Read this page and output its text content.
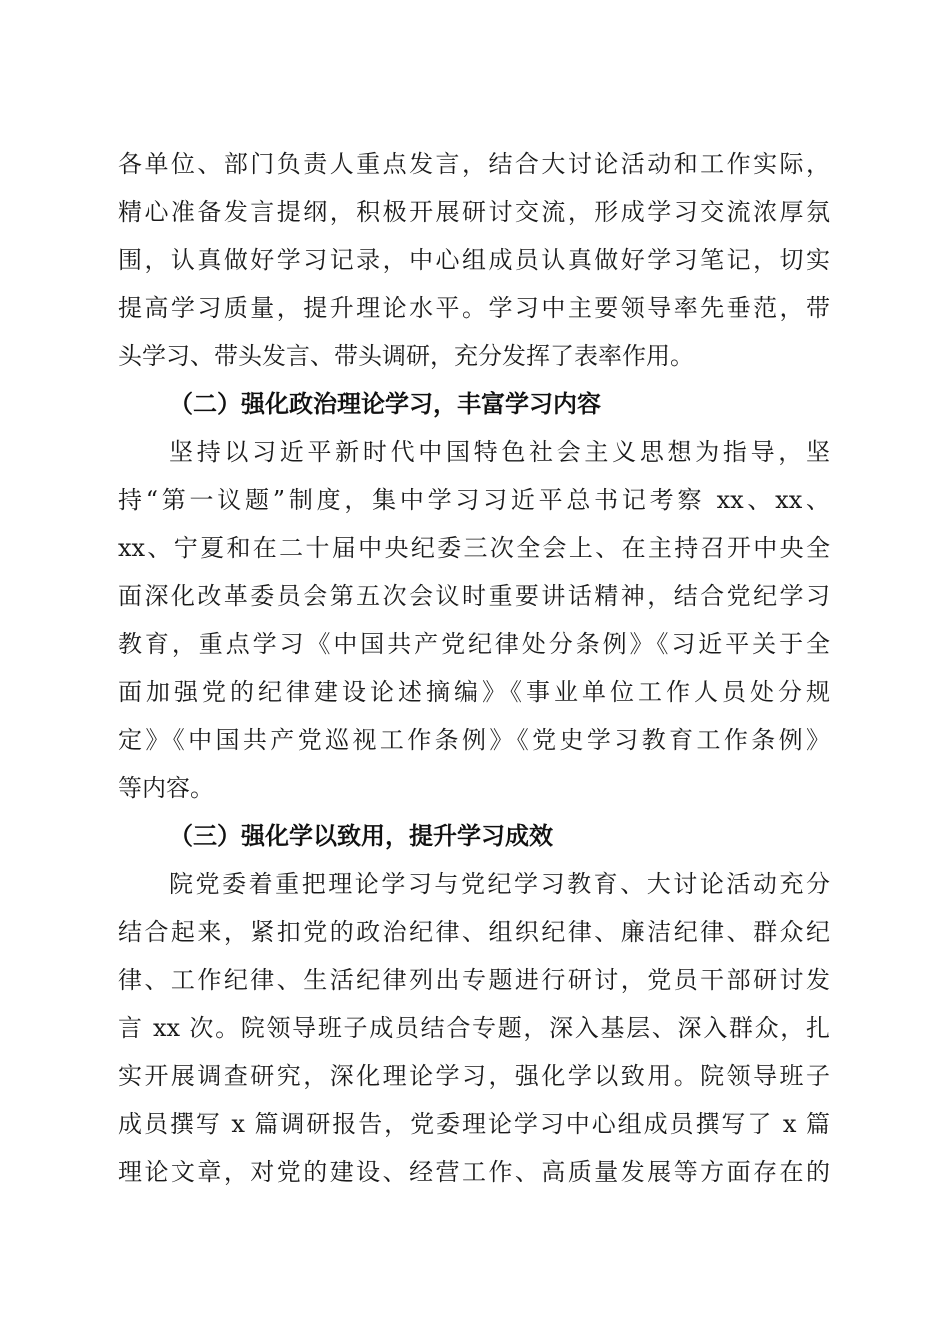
各单位、部门负责人重点发言，结合大讨论活动和工作实际，
精心准备发言提纲，积极开展研讨交流，形成学习交流浓厚氛
围，认真做好学习记录，中心组成员认真做好学习笔记，切实
提高学习质量，提升理论水平。学习中主要领导率先垂范，带
头学习、带头发言、带头调研，充分发挥了表率作用。
（二）强化政治理论学习，丰富学习内容
坚持以习近平新时代中国特色社会主义思想为指导，坚
持“第一议题”制度，集中学习习近平总书记考察 xx、xx、
xx、宁夏和在二十届中央纪委三次全会上、在主持召开中央全
面深化改革委员会第五次会议时重要讲话精神，结合党纪学习
教育，重点学习《中国共产党纪律处分条例》《习近平关于全
面加强党的纪律建设论述摘编》《事业单位工作人员处分规
定》《中国共产党巡视工作条例》《党史学习教育工作条例》
等内容。
（三）强化学以致用，提升学习成效
院党委着重把理论学习与党纪学习教育、大讨论活动充分
结合起来，紧扣党的政治纪律、组织纪律、廉洁纪律、群众纪
律、工作纪律、生活纪律列出专题进行研讨，党员干部研讨发
言 xx 次。院领导班子成员结合专题，深入基层、深入群众，扎
实开展调查研究，深化理论学习，强化学以致用。院领导班子
成员撰写 x 篇调研报告，党委理论学习中心组成员撰写了 x 篇
理论文章，对党的建设、经营工作、高质量发展等方面存在的
